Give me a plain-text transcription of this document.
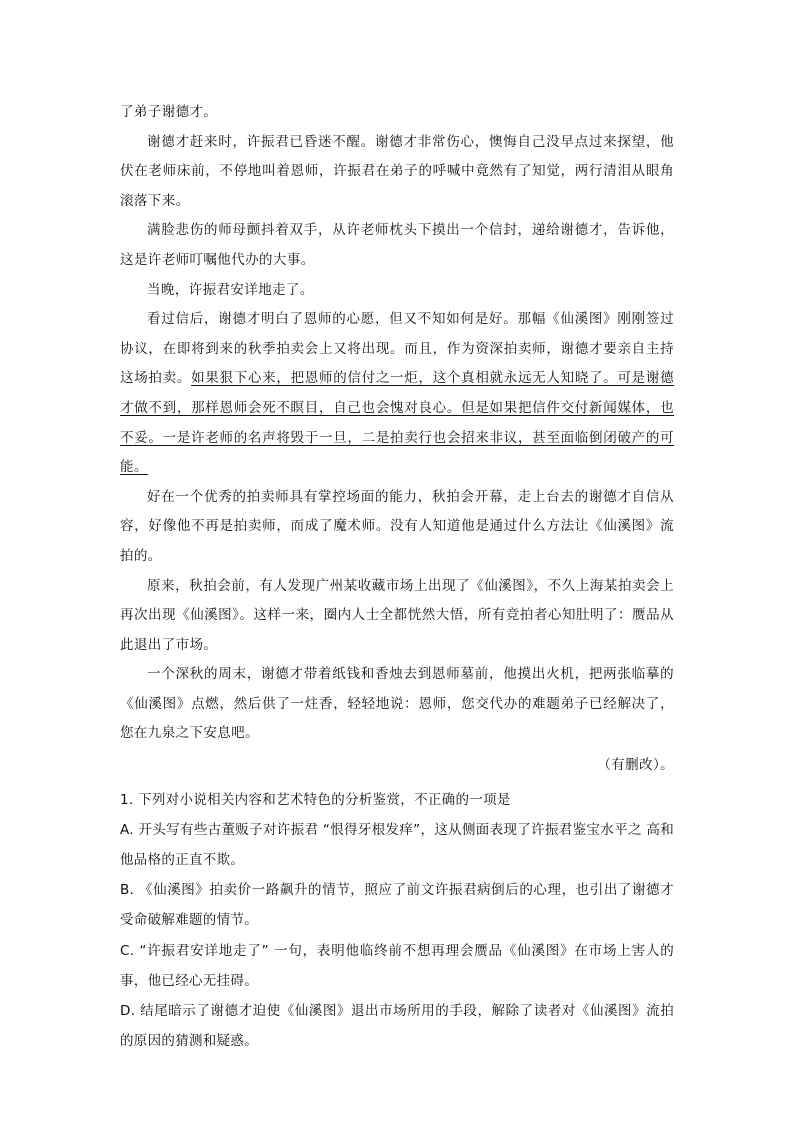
了弟子谢德才。

谢德才赶来时，许振君已昏迷不醒。谢德才非常伤心，懊悔自己没早点过来探望，他伏在老师床前，不停地叫着恩师，许振君在弟子的呼喊中竟然有了知觉，两行清泪从眼角滚落下来。

满脸悲伤的师母颤抖着双手，从许老师枕头下摸出一个信封，递给谢德才，告诉他，这是许老师叮嘱他代办的大事。

当晚，许振君安详地走了。

看过信后，谢德才明白了恩师的心愿，但又不知如何是好。那幅《仙溪图》刚刚签过协议，在即将到来的秋季拍卖会上又将出现。而且，作为资深拍卖师，谢德才要亲自主持这场拍卖。如果狠下心来，把恩师的信付之一炬，这个真相就永远无人知晓了。可是谢德才做不到，那样恩师会死不瞑目，自己也会愧对良心。但是如果把信件交付新闻媒体，也不妥。一是许老师的名声将毁于一旦，二是拍卖行也会招来非议，甚至面临倒闭破产的可能。

好在一个优秀的拍卖师具有掌控场面的能力，秋拍会开幕，走上台去的谢德才自信从容，好像他不再是拍卖师，而成了魔术师。没有人知道他是通过什么方法让《仙溪图》流拍的。

原来，秋拍会前，有人发现广州某收藏市场上出现了《仙溪图》，不久上海某拍卖会上再次出现《仙溪图》。这样一来，圈内人士全都恍然大悟，所有竞拍者心知肚明了：赝品从此退出了市场。

一个深秋的周末，谢德才带着纸钱和香烛去到恩师墓前，他摸出火机，把两张临摹的《仙溪图》点燃，然后供了一炷香，轻轻地说：恩师，您交代办的难题弟子已经解决了，您在九泉之下安息吧。

（有删改）。

1. 下列对小说相关内容和艺术特色的分析鉴赏，不正确的一项是

A. 开头写有些古董贩子对许振君 “恨得牙根发痒”，这从侧面表现了许振君鉴宝水平之 高和他品格的正直不欺。

B. 《仙溪图》拍卖价一路飙升的情节，照应了前文许振君病倒后的心理，也引出了谢德才受命破解难题的情节。

C. “许振君安详地走了” 一句，表明他临终前不想再理会赝品《仙溪图》在市场上害人的事，他已经心无挂碍。

D. 结尾暗示了谢德才迫使《仙溪图》退出市场所用的手段，解除了读者对《仙溪图》流拍的原因的猜测和疑惑。
